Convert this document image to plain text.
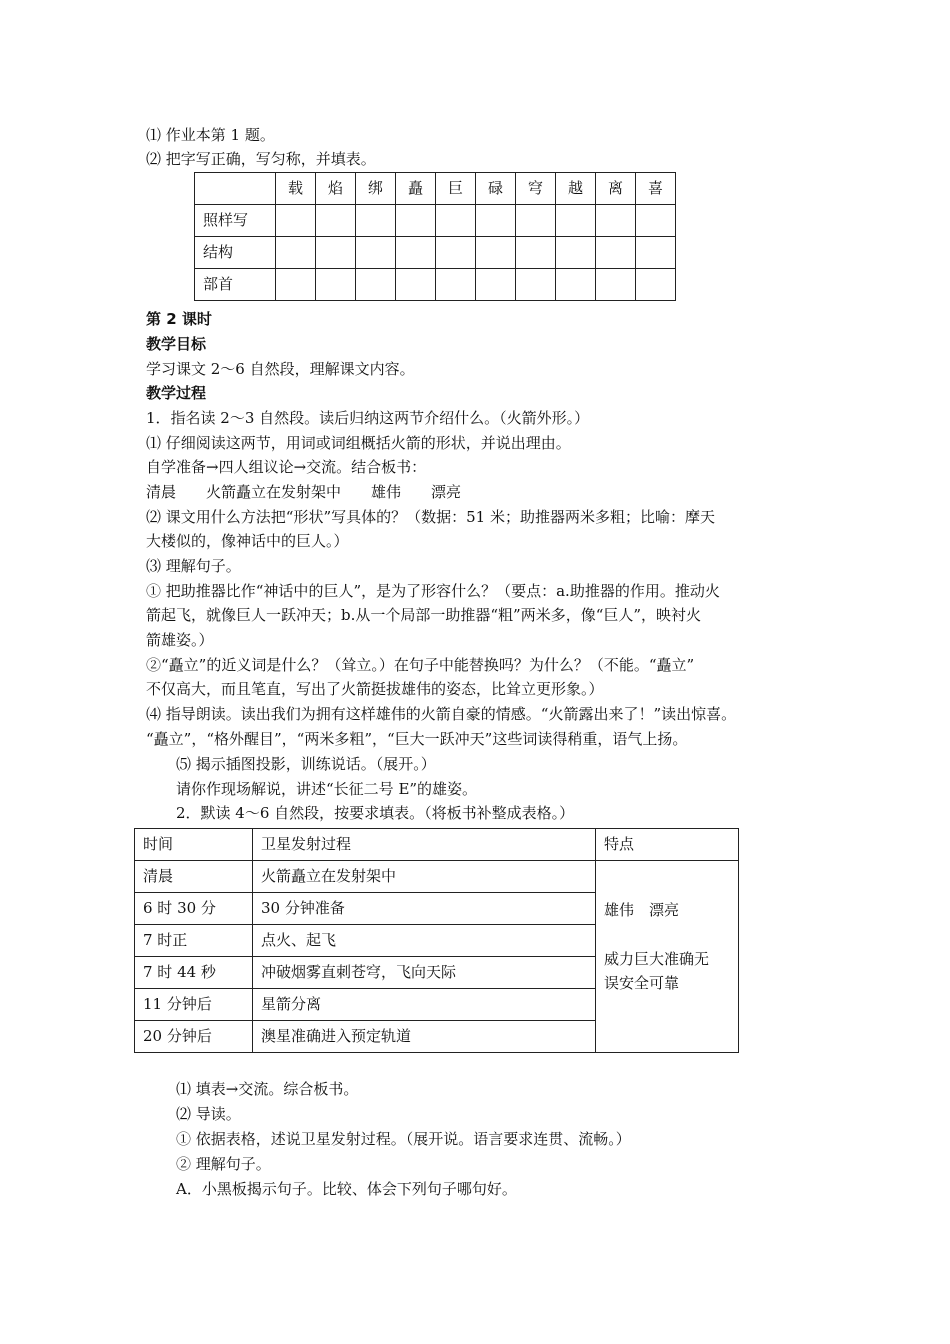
⑴ 作业本第 1 题。
⑵ 把字写正确，写匀称，并填表。
	载	焰	绑	矗	巨	碌	穹	越	离	喜
照样写										
结构										
部首										
第 2 课时
教学目标
学习课文 2～6 自然段，理解课文内容。
教学过程
1．指名读 2～3 自然段。读后归纳这两节介绍什么。（火箭外形。）
⑴ 仔细阅读这两节，用词或词组概括火箭的形状，并说出理由。
自学准备→四人组议论→交流。结合板书：
清晨　　火箭矗立在发射架中　　雄伟　　漂亮
⑵ 课文用什么方法把“形状”写具体的？（数据：51 米；助推器两米多粗；比喻：摩天
大楼似的，像神话中的巨人。）
⑶ 理解句子。
① 把助推器比作“神话中的巨人”，是为了形容什么？（要点：a.助推器的作用。推动火
箭起飞，就像巨人一跃冲天；b.从一个局部一助推器“粗”两米多，像“巨人”，映衬火
箭雄姿。）
②“矗立”的近义词是什么？（耸立。）在句子中能替换吗？为什么？（不能。“矗立”
不仅高大，而且笔直，写出了火箭挺拔雄伟的姿态，比耸立更形象。）
⑷ 指导朗读。读出我们为拥有这样雄伟的火箭自豪的情感。“火箭露出来了！”读出惊喜。
“矗立”，“格外醒目”，“两米多粗”，“巨大一跃冲天”这些词读得稍重，语气上扬。
⑸ 揭示插图投影，训练说话。（展开。）
请你作现场解说，讲述“长征二号 E”的雄姿。
2．默读 4～6 自然段，按要求填表。（将板书补整成表格。）
时间	卫星发射过程	特点
清晨	火箭矗立在发射架中	雄伟　漂亮
威力巨大准确无
误安全可靠

6 时 30 分	30 分钟准备	
7 时正	点火、起飞	
7 时 44 秒	冲破烟雾直刺苍穹，飞向天际	
11 分钟后	星箭分离	
20 分钟后	澳星准确进入预定轨道	
⑴ 填表→交流。综合板书。
⑵ 导读。
① 依据表格，述说卫星发射过程。（展开说。语言要求连贯、流畅。）
② 理解句子。
A．小黑板揭示句子。比较、体会下列句子哪句好。
